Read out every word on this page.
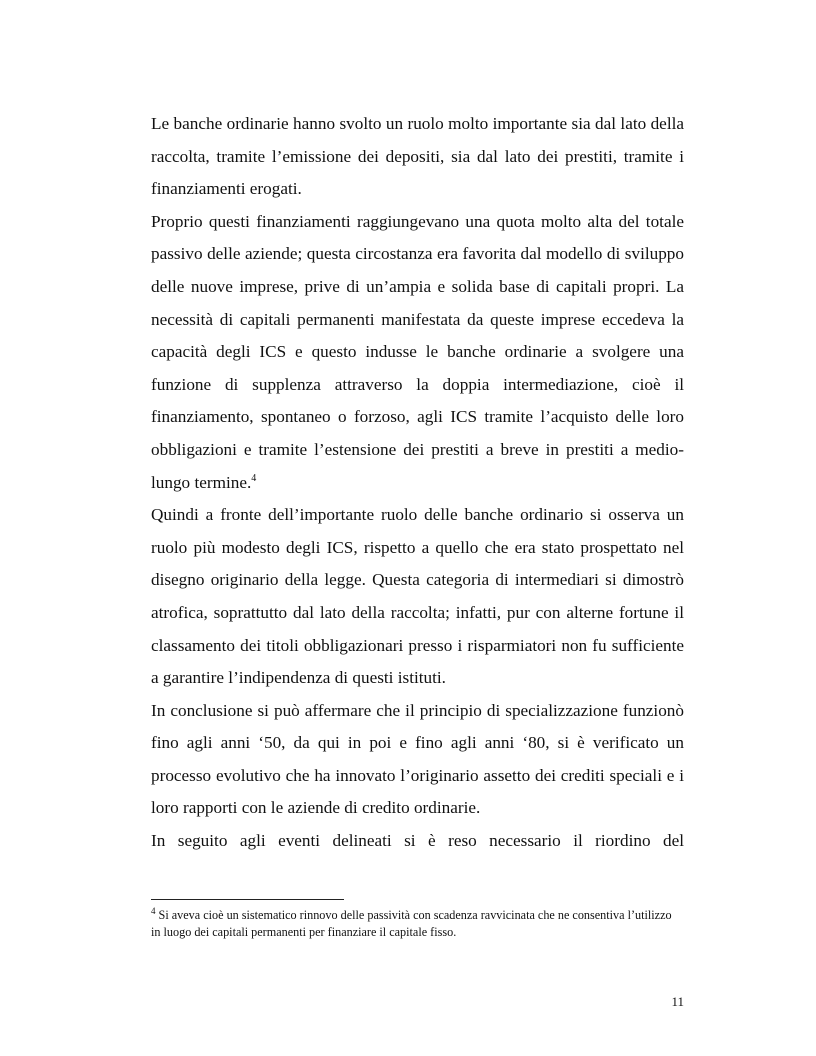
Le banche ordinarie hanno svolto un ruolo molto importante sia dal lato della raccolta, tramite l’emissione dei depositi, sia dal lato dei prestiti, tramite i finanziamenti erogati.

Proprio questi finanziamenti raggiungevano una quota molto alta del totale passivo delle aziende; questa circostanza era favorita dal modello di sviluppo delle nuove imprese, prive di un’ampia e solida base di capitali propri. La necessità di capitali permanenti manifestata da queste imprese eccedeva la capacità degli ICS e questo indusse le banche ordinarie a svolgere una funzione di supplenza attraverso la doppia intermediazione, cioè il finanziamento, spontaneo o forzoso, agli ICS tramite l’acquisto delle loro obbligazioni e tramite l’estensione dei prestiti a breve in prestiti a medio-lungo termine.$^4$

Quindi a fronte dell’importante ruolo delle banche ordinario si osserva un ruolo più modesto degli ICS, rispetto a quello che era stato prospettato nel disegno originario della legge. Questa categoria di intermediari si dimostrò atrofica, soprattutto dal lato della raccolta; infatti, pur con alterne fortune il classamento dei titoli obbligazionari presso i risparmiatori non fu sufficiente a garantire l’indipendenza di questi istituti.

In conclusione si può affermare che il principio di specializzazione funzionò fino agli anni ‘50, da qui in poi e fino agli anni ‘80, si è verificato un processo evolutivo che ha innovato l’originario assetto dei crediti speciali e i loro rapporti con le aziende di credito ordinarie.

In seguito agli eventi delineati si è reso necessario il riordino del

$^4$ Si aveva cioè un sistematico rinnovo delle passività con scadenza ravvicinata che ne consentiva l’utilizzo in luogo dei capitali permanenti per finanziare il capitale fisso.

11
